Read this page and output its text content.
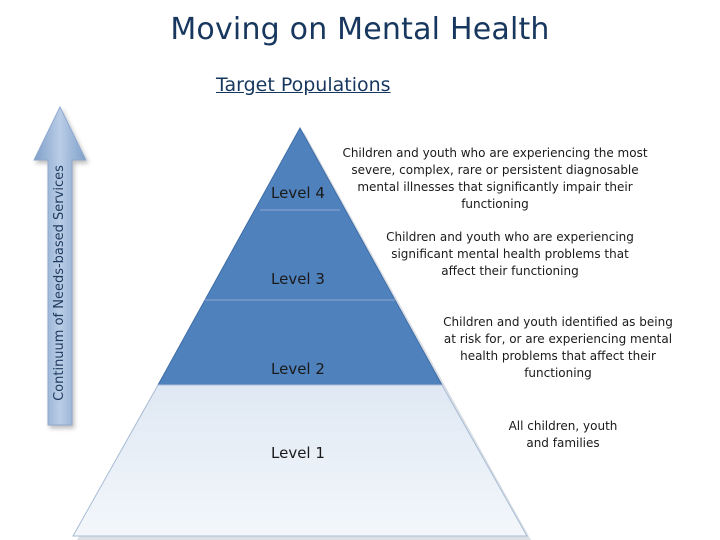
Moving on Mental Health
Target Populations
Continuum of Needs-based Services	Level 4
Level 3
Level 2
Level 1
Children and youth who are experiencing the most severe, complex, rare or persistent diagnosable mental illnesses that significantly impair their functioning
Children and youth who are experiencing significant mental health problems that affect their functioning
Children and youth identified as being at risk for, or are experiencing mental health problems that affect their functioning
All children, youth and families
